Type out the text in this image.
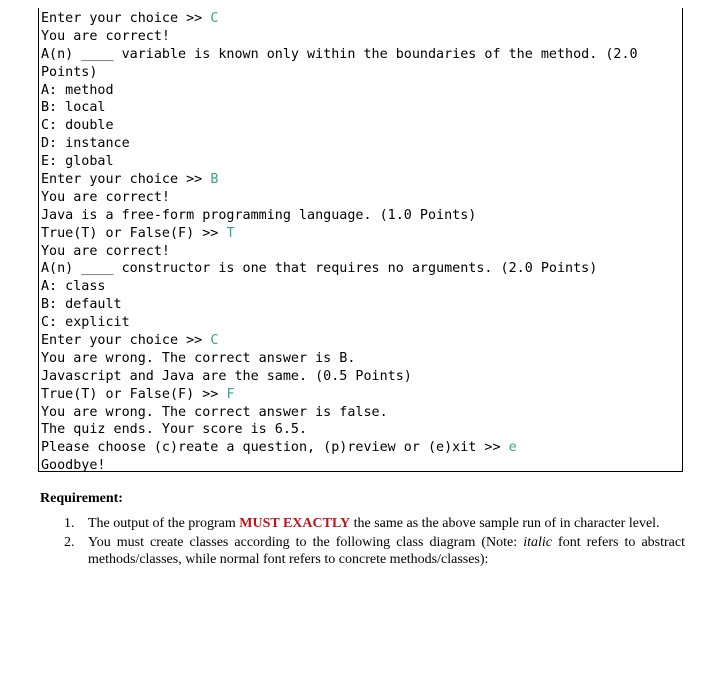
Enter your choice >> C
You are correct!
A(n) ____ variable is known only within the boundaries of the method. (2.0
Points)
A: method
B: local
C: double
D: instance
E: global
Enter your choice >> B
You are correct!
Java is a free-form programming language. (1.0 Points)
True(T) or False(F) >> T
You are correct!
A(n) ____ constructor is one that requires no arguments. (2.0 Points)
A: class
B: default
C: explicit
Enter your choice >> C
You are wrong. The correct answer is B.
Javascript and Java are the same. (0.5 Points)
True(T) or False(F) >> F
You are wrong. The correct answer is false.
The quiz ends. Your score is 6.5.
Please choose (c)reate a question, (p)review or (e)xit >> e
Goodbye!
Requirement:
1. The output of the program MUST EXACTLY the same as the above sample run of in character level.
2. You must create classes according to the following class diagram (Note: italic font refers to abstract methods/classes, while normal font refers to concrete methods/classes):
